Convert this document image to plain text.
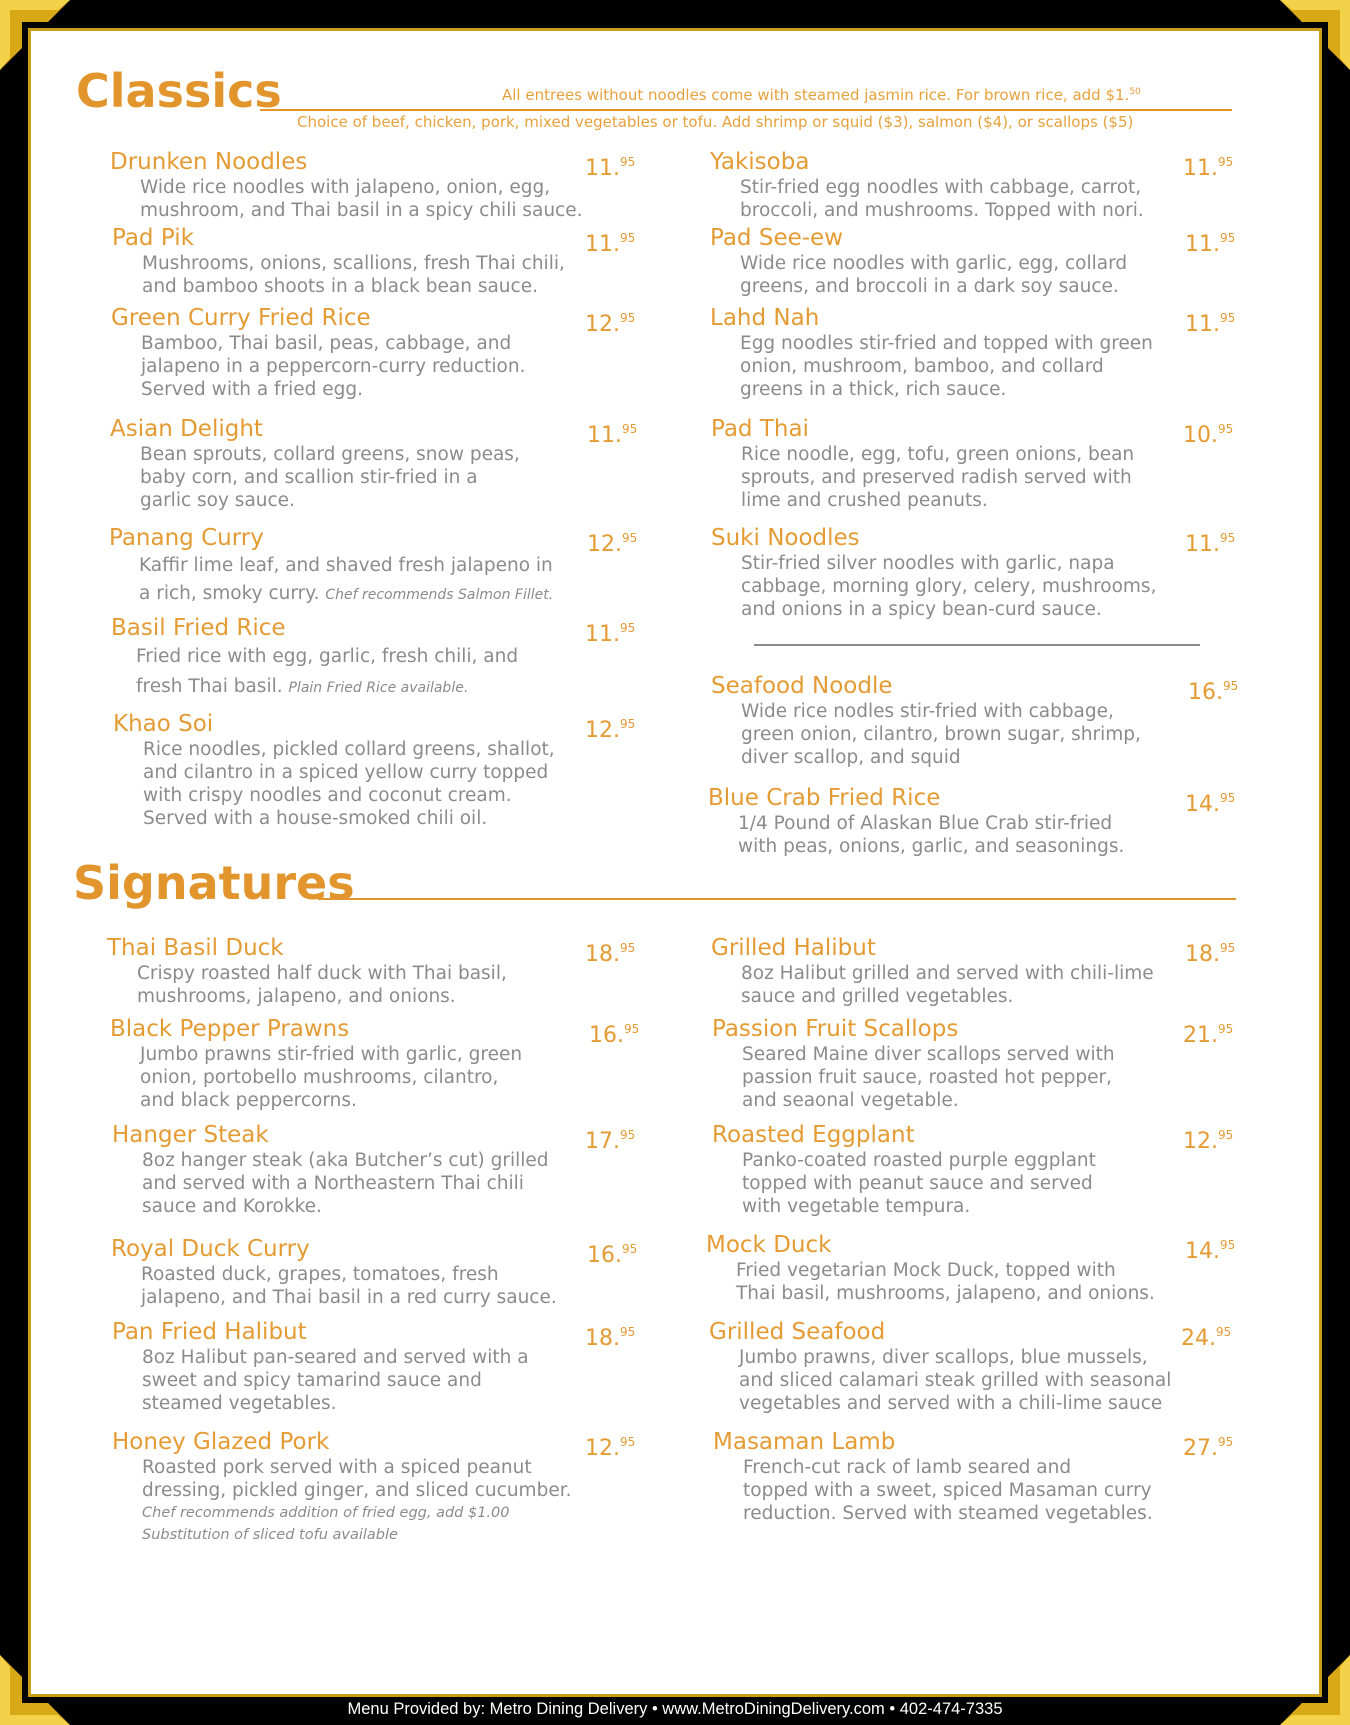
Classics	All entrees without noodles come with steamed jasmin rice. For brown rice, add $1.50
Choice of beef, chicken, pork, mixed vegetables or tofu. Add shrimp or squid ($3), salmon ($4), or scallops ($5)
Drunken Noodles
Wide rice noodles with jalapeno, onion, egg,
mushroom, and Thai basil in a spicy chili sauce.
11.95
Pad Pik
Mushrooms, onions, scallions, fresh Thai chili,
and bamboo shoots in a black bean sauce.
11.95
Green Curry Fried Rice
Bamboo, Thai basil, peas, cabbage, and
jalapeno in a peppercorn-curry reduction.
Served with a fried egg.
12.95
Asian Delight
Bean sprouts, collard greens, snow peas,
baby corn, and scallion stir-fried in a
garlic soy sauce.
11.95
Panang Curry
Kaffir lime leaf, and shaved fresh jalapeno in
a rich, smoky curry. Chef recommends Salmon Fillet.
12.95
Basil Fried Rice
Fried rice with egg, garlic, fresh chili, and
fresh Thai basil. Plain Fried Rice available.
11.95
Khao Soi
Rice noodles, pickled collard greens, shallot,
and cilantro in a spiced yellow curry topped
with crispy noodles and coconut cream.
Served with a house-smoked chili oil.
12.95
Yakisoba
Stir-fried egg noodles with cabbage, carrot,
broccoli, and mushrooms. Topped with nori.
11.95
Pad See-ew
Wide rice noodles with garlic, egg, collard
greens, and broccoli in a dark soy sauce.
11.95
Lahd Nah
Egg noodles stir-fried and topped with green
onion, mushroom, bamboo, and collard
greens in a thick, rich sauce.
11.95
Pad Thai
Rice noodle, egg, tofu, green onions, bean
sprouts, and preserved radish served with
lime and crushed peanuts.
10.95
Suki Noodles
Stir-fried silver noodles with garlic, napa
cabbage, morning glory, celery, mushrooms,
and onions in a spicy bean-curd sauce.
11.95
Seafood Noodle
Wide rice nodles stir-fried with cabbage,
green onion, cilantro, brown sugar, shrimp,
diver scallop, and squid
16.95
Blue Crab Fried Rice
1/4 Pound of Alaskan Blue Crab stir-fried
with peas, onions, garlic, and seasonings.
14.95
Signatures
Thai Basil Duck
Crispy roasted half duck with Thai basil,
mushrooms, jalapeno, and onions.
18.95
Black Pepper Prawns
Jumbo prawns stir-fried with garlic, green
onion, portobello mushrooms, cilantro,
and black peppercorns.
16.95
Hanger Steak
8oz hanger steak (aka Butcher’s cut) grilled
and served with a Northeastern Thai chili
sauce and Korokke.
17.95
Royal Duck Curry
Roasted duck, grapes, tomatoes, fresh
jalapeno, and Thai basil in a red curry sauce.
16.95
Pan Fried Halibut
8oz Halibut pan-seared and served with a
sweet and spicy tamarind sauce and
steamed vegetables.
18.95
Honey Glazed Pork
Roasted pork served with a spiced peanut
dressing, pickled ginger, and sliced cucumber.
Chef recommends addition of fried egg, add $1.00
Substitution of sliced tofu available
12.95
Grilled Halibut
8oz Halibut grilled and served with chili-lime
sauce and grilled vegetables.
18.95
Passion Fruit Scallops
Seared Maine diver scallops served with
passion fruit sauce, roasted hot pepper,
and seaonal vegetable.
21.95
Roasted Eggplant
Panko-coated roasted purple eggplant
topped with peanut sauce and served
with vegetable tempura.
12.95
Mock Duck
Fried vegetarian Mock Duck, topped with
Thai basil, mushrooms, jalapeno, and onions.
14.95
Grilled Seafood
Jumbo prawns, diver scallops, blue mussels,
and sliced calamari steak grilled with seasonal
vegetables and served with a chili-lime sauce
24.95
Masaman Lamb
French-cut rack of lamb seared and
topped with a sweet, spiced Masaman curry
reduction. Served with steamed vegetables.
27.95
Menu Provided by: Metro Dining Delivery • www.MetroDiningDelivery.com • 402-474-7335
